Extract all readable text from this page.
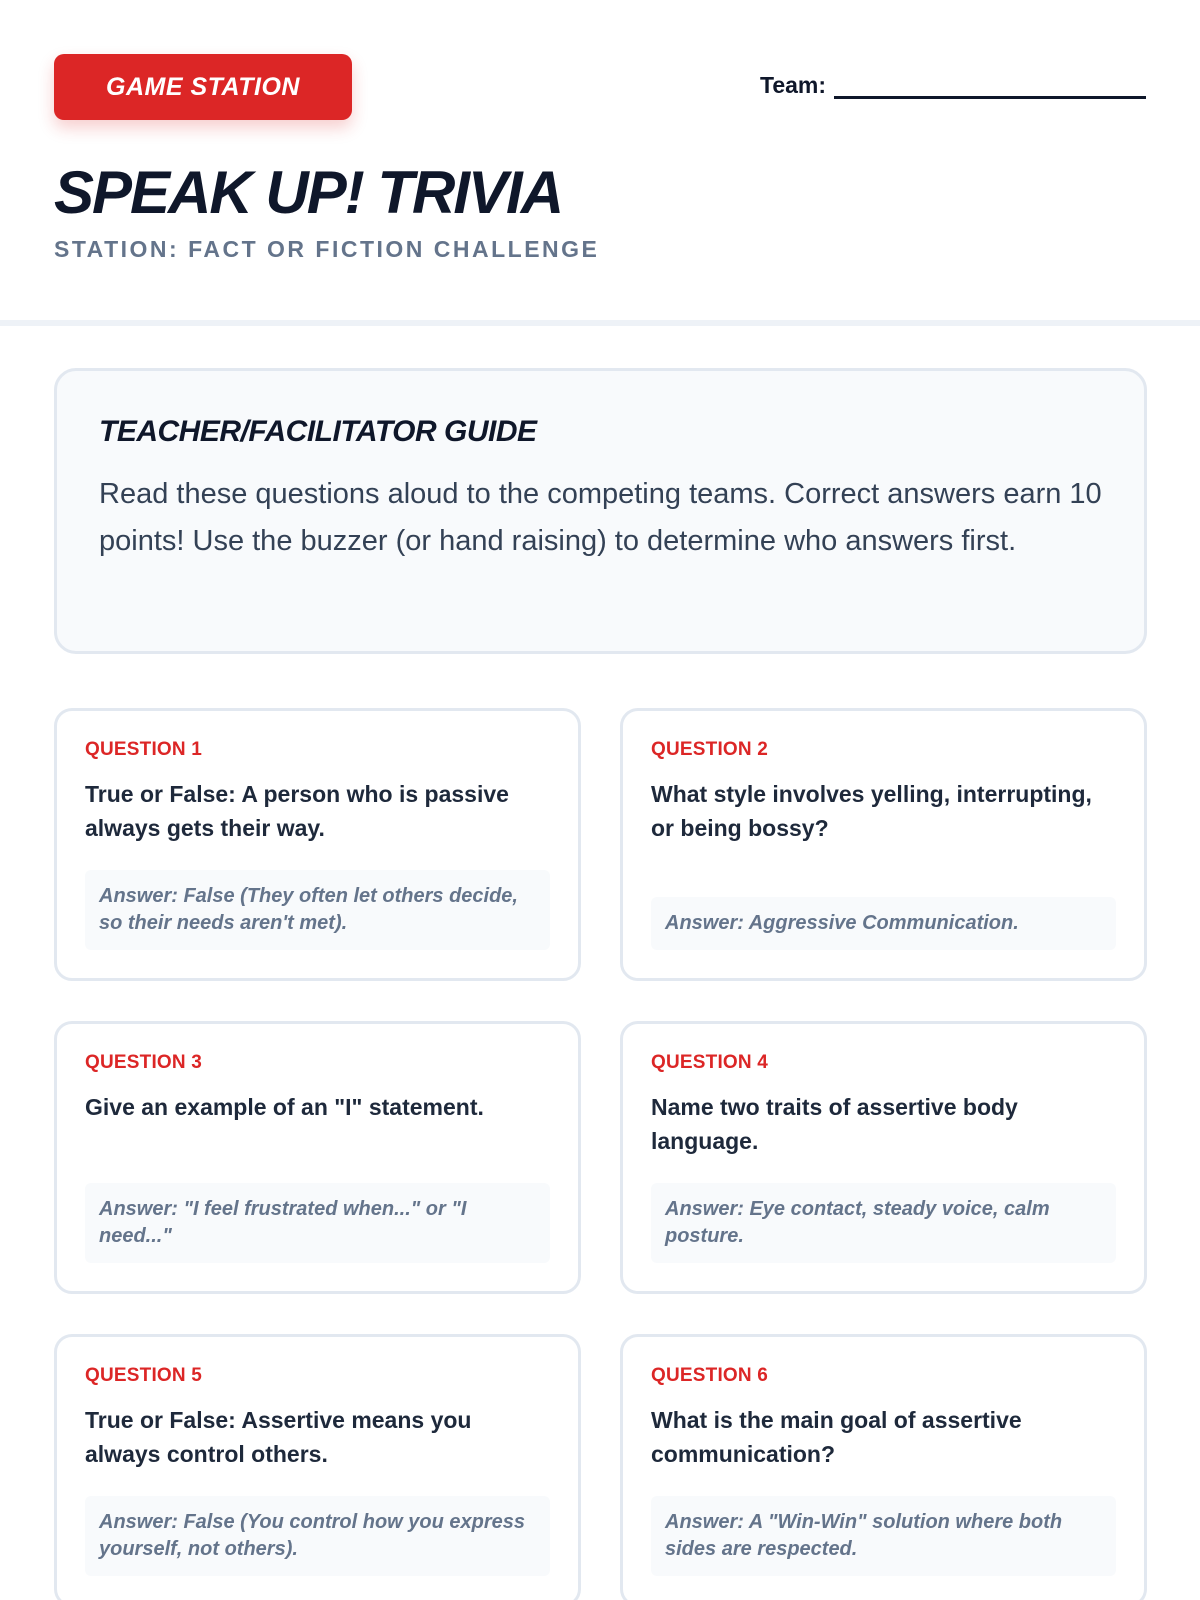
GAME STATION	Team:
SPEAK UP! TRIVIA
STATION: FACT OR FICTION CHALLENGE
TEACHER/FACILITATOR GUIDE
Read these questions aloud to the competing teams. Correct answers earn 10 points! Use the buzzer (or hand raising) to determine who answers first.
QUESTION 1
True or False: A person who is passive always gets their way.
Answer: False (They often let others decide, so their needs aren't met).
QUESTION 2
What style involves yelling, interrupting, or being bossy?
Answer: Aggressive Communication.
QUESTION 3
Give an example of an "I" statement.
Answer: "I feel frustrated when..." or "I need..."
QUESTION 4
Name two traits of assertive body language.
Answer: Eye contact, steady voice, calm posture.
QUESTION 5
True or False: Assertive means you always control others.
Answer: False (You control how you express yourself, not others).
QUESTION 6
What is the main goal of assertive communication?
Answer: A "Win-Win" solution where both sides are respected.
